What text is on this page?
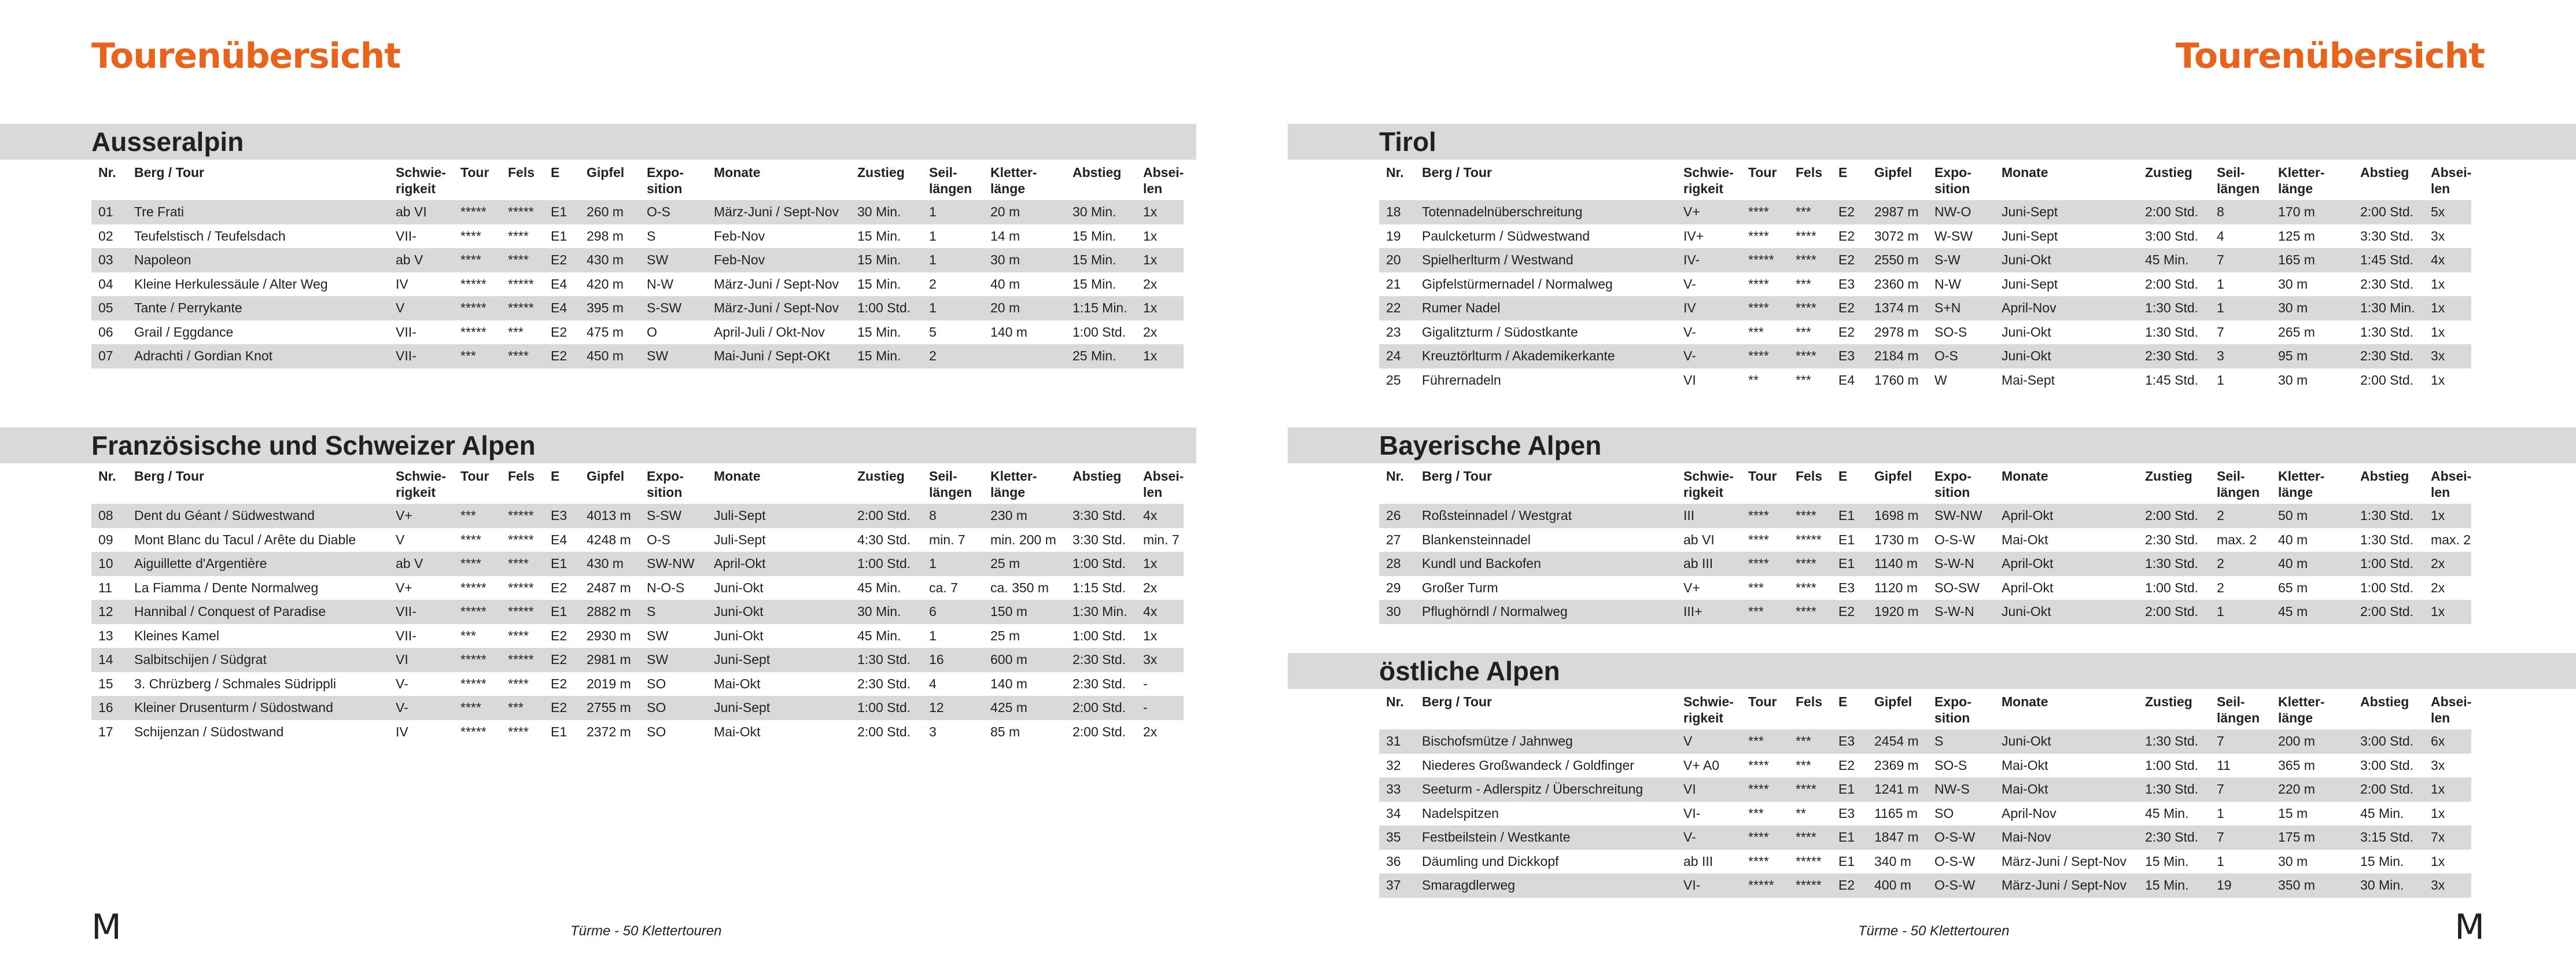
Tourenübersicht	Tourenübersicht
Ausseralpin
Französische und Schweizer Alpen
Tirol
Bayerische Alpen
östliche Alpen
Nr.	Berg / Tour	Schwie-
rigkeit	Tour	Fels	E	Gipfel	Expo-
sition	Monate	Zustieg	Seil-
längen	Kletter-
länge	Abstieg	Absei-
len
01	Tre Frati	ab VI	*****	*****	E1	260 m	O-S	März-Juni / Sept-Nov	30 Min.	1	20 m	30 Min.	1x
02	Teufelstisch / Teufelsdach	VII-	****	****	E1	298 m	S	Feb-Nov	15 Min.	1	14 m	15 Min.	1x
03	Napoleon	ab V	****	****	E2	430 m	SW	Feb-Nov	15 Min.	1	30 m	15 Min.	1x
04	Kleine Herkulessäule / Alter Weg	IV	*****	*****	E4	420 m	N-W	März-Juni / Sept-Nov	15 Min.	2	40 m	15 Min.	2x
05	Tante / Perrykante	V	*****	*****	E4	395 m	S-SW	März-Juni / Sept-Nov	1:00 Std.	1	20 m	1:15 Min.	1x
06	Grail / Eggdance	VII-	*****	***	E2	475 m	O	April-Juli / Okt-Nov	15 Min.	5	140 m	1:00 Std.	2x
07	Adrachti / Gordian Knot	VII-	***	****	E2	450 m	SW	Mai-Juni / Sept-OKt	15 Min.	2		25 Min.	1x
Nr.	Berg / Tour	Schwie-
rigkeit	Tour	Fels	E	Gipfel	Expo-
sition	Monate	Zustieg	Seil-
längen	Kletter-
länge	Abstieg	Absei-
len
08	Dent du Géant / Südwestwand	V+	***	*****	E3	4013 m	S-SW	Juli-Sept	2:00 Std.	8	230 m	3:30 Std.	4x
09	Mont Blanc du Tacul / Arête du Diable	V	****	*****	E4	4248 m	O-S	Juli-Sept	4:30 Std.	min. 7	min. 200 m	3:30 Std.	min. 7
10	Aiguillette d'Argentière	ab V	****	****	E1	430 m	SW-NW	April-Okt	1:00 Std.	1	25 m	1:00 Std.	1x
11	La Fiamma / Dente Normalweg	V+	*****	*****	E2	2487 m	N-O-S	Juni-Okt	45 Min.	ca. 7	ca. 350 m	1:15 Std.	2x
12	Hannibal / Conquest of Paradise	VII-	*****	*****	E1	2882 m	S	Juni-Okt	30 Min.	6	150 m	1:30 Min.	4x
13	Kleines Kamel	VII-	***	****	E2	2930 m	SW	Juni-Okt	45 Min.	1	25 m	1:00 Std.	1x
14	Salbitschijen / Südgrat	VI	*****	*****	E2	2981 m	SW	Juni-Sept	1:30 Std.	16	600 m	2:30 Std.	3x
15	3. Chrüzberg / Schmales Südrippli	V-	*****	****	E2	2019 m	SO	Mai-Okt	2:30 Std.	4	140 m	2:30 Std.	-
16	Kleiner Drusenturm / Südostwand	V-	****	***	E2	2755 m	SO	Juni-Sept	1:00 Std.	12	425 m	2:00 Std.	-
17	Schijenzan / Südostwand	IV	*****	****	E1	2372 m	SO	Mai-Okt	2:00 Std.	3	85 m	2:00 Std.	2x
Nr.	Berg / Tour	Schwie-
rigkeit	Tour	Fels	E	Gipfel	Expo-
sition	Monate	Zustieg	Seil-
längen	Kletter-
länge	Abstieg	Absei-
len
18	Totennadelnüberschreitung	V+	****	***	E2	2987 m	NW-O	Juni-Sept	2:00 Std.	8	170 m	2:00 Std.	5x
19	Paulcketurm / Südwestwand	IV+	****	****	E2	3072 m	W-SW	Juni-Sept	3:00 Std.	4	125 m	3:30 Std.	3x
20	Spielherlturm / Westwand	IV-	*****	****	E2	2550 m	S-W	Juni-Okt	45 Min.	7	165 m	1:45 Std.	4x
21	Gipfelstürmernadel / Normalweg	V-	****	***	E3	2360 m	N-W	Juni-Sept	2:00 Std.	1	30 m	2:30 Std.	1x
22	Rumer Nadel	IV	****	****	E2	1374 m	S+N	April-Nov	1:30 Std.	1	30 m	1:30 Min.	1x
23	Gigalitzturm / Südostkante	V-	***	***	E2	2978 m	SO-S	Juni-Okt	1:30 Std.	7	265 m	1:30 Std.	1x
24	Kreuztörlturm / Akademikerkante	V-	****	****	E3	2184 m	O-S	Juni-Okt	2:30 Std.	3	95 m	2:30 Std.	3x
25	Führernadeln	VI	**	***	E4	1760 m	W	Mai-Sept	1:45 Std.	1	30 m	2:00 Std.	1x
Nr.	Berg / Tour	Schwie-
rigkeit	Tour	Fels	E	Gipfel	Expo-
sition	Monate	Zustieg	Seil-
längen	Kletter-
länge	Abstieg	Absei-
len
26	Roßsteinnadel / Westgrat	III	****	****	E1	1698 m	SW-NW	April-Okt	2:00 Std.	2	50 m	1:30 Std.	1x
27	Blankensteinnadel	ab VI	****	*****	E1	1730 m	O-S-W	Mai-Okt	2:30 Std.	max. 2	40 m	1:30 Std.	max. 2
28	Kundl und Backofen	ab III	****	****	E1	1140 m	S-W-N	April-Okt	1:30 Std.	2	40 m	1:00 Std.	2x
29	Großer Turm	V+	***	****	E3	1120 m	SO-SW	April-Okt	1:00 Std.	2	65 m	1:00 Std.	2x
30	Pflughörndl / Normalweg	III+	***	****	E2	1920 m	S-W-N	Juni-Okt	2:00 Std.	1	45 m	2:00 Std.	1x
Nr.	Berg / Tour	Schwie-
rigkeit	Tour	Fels	E	Gipfel	Expo-
sition	Monate	Zustieg	Seil-
längen	Kletter-
länge	Abstieg	Absei-
len
31	Bischofsmütze / Jahnweg	V	***	***	E3	2454 m	S	Juni-Okt	1:30 Std.	7	200 m	3:00 Std.	6x
32	Niederes Großwandeck / Goldfinger	V+ A0	****	***	E2	2369 m	SO-S	Mai-Okt	1:00 Std.	11	365 m	3:00 Std.	3x
33	Seeturm - Adlerspitz / Überschreitung	VI	****	****	E1	1241 m	NW-S	Mai-Okt	1:30 Std.	7	220 m	2:00 Std.	1x
34	Nadelspitzen	VI-	***	**	E3	1165 m	SO	April-Nov	45 Min.	1	15 m	45 Min.	1x
35	Festbeilstein / Westkante	V-	****	****	E1	1847 m	O-S-W	Mai-Nov	2:30 Std.	7	175 m	3:15 Std.	7x
36	Däumling und Dickkopf	ab III	****	*****	E1	340 m	O-S-W	März-Juni / Sept-Nov	15 Min.	1	30 m	15 Min.	1x
37	Smaragdlerweg	VI-	*****	*****	E2	400 m	O-S-W	März-Juni / Sept-Nov	15 Min.	19	350 m	30 Min.	3x
M	Türme - 50 Klettertouren	Türme - 50 Klettertouren	M
